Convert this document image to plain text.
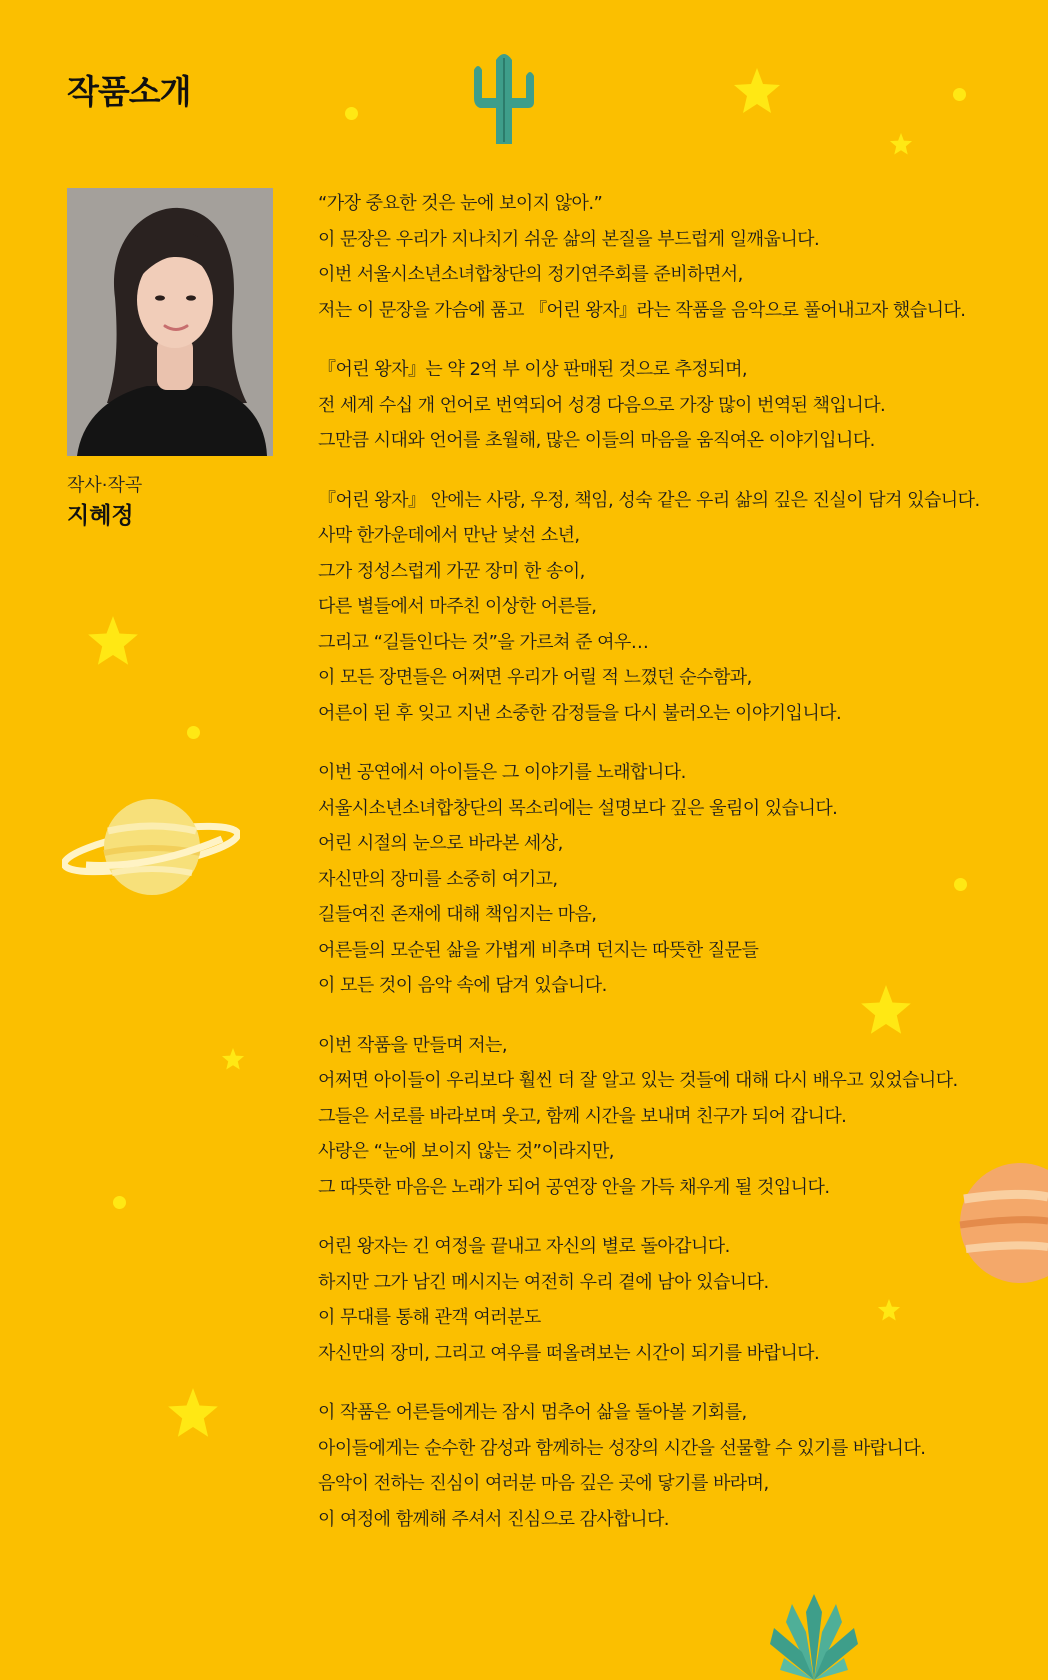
작품소개
작사·작곡
지혜정
“가장 중요한 것은 눈에 보이지 않아.”
이 문장은 우리가 지나치기 쉬운 삶의 본질을 부드럽게 일깨웁니다.
이번 서울시소년소녀합창단의 정기연주회를 준비하면서,
저는 이 문장을 가슴에 품고 『어린 왕자』라는 작품을 음악으로 풀어내고자 했습니다.
『어린 왕자』는 약 2억 부 이상 판매된 것으로 추정되며,
전 세계 수십 개 언어로 번역되어 성경 다음으로 가장 많이 번역된 책입니다.
그만큼 시대와 언어를 초월해, 많은 이들의 마음을 움직여온 이야기입니다.
『어린 왕자』 안에는 사랑, 우정, 책임, 성숙 같은 우리 삶의 깊은 진실이 담겨 있습니다.
사막 한가운데에서 만난 낯선 소년,
그가 정성스럽게 가꾼 장미 한 송이,
다른 별들에서 마주친 이상한 어른들,
그리고 “길들인다는 것”을 가르쳐 준 여우…
이 모든 장면들은 어쩌면 우리가 어릴 적 느꼈던 순수함과,
어른이 된 후 잊고 지낸 소중한 감정들을 다시 불러오는 이야기입니다.
이번 공연에서 아이들은 그 이야기를 노래합니다.
서울시소년소녀합창단의 목소리에는 설명보다 깊은 울림이 있습니다.
어린 시절의 눈으로 바라본 세상,
자신만의 장미를 소중히 여기고,
길들여진 존재에 대해 책임지는 마음,
어른들의 모순된 삶을 가볍게 비추며 던지는 따뜻한 질문들
이 모든 것이 음악 속에 담겨 있습니다.
이번 작품을 만들며 저는,
어쩌면 아이들이 우리보다 훨씬 더 잘 알고 있는 것들에 대해 다시 배우고 있었습니다.
그들은 서로를 바라보며 웃고, 함께 시간을 보내며 친구가 되어 갑니다.
사랑은 “눈에 보이지 않는 것”이라지만,
그 따뜻한 마음은 노래가 되어 공연장 안을 가득 채우게 될 것입니다.
어린 왕자는 긴 여정을 끝내고 자신의 별로 돌아갑니다.
하지만 그가 남긴 메시지는 여전히 우리 곁에 남아 있습니다.
이 무대를 통해 관객 여러분도
자신만의 장미, 그리고 여우를 떠올려보는 시간이 되기를 바랍니다.
이 작품은 어른들에게는 잠시 멈추어 삶을 돌아볼 기회를,
아이들에게는 순수한 감성과 함께하는 성장의 시간을 선물할 수 있기를 바랍니다.
음악이 전하는 진심이 여러분 마음 깊은 곳에 닿기를 바라며,
이 여정에 함께해 주셔서 진심으로 감사합니다.
